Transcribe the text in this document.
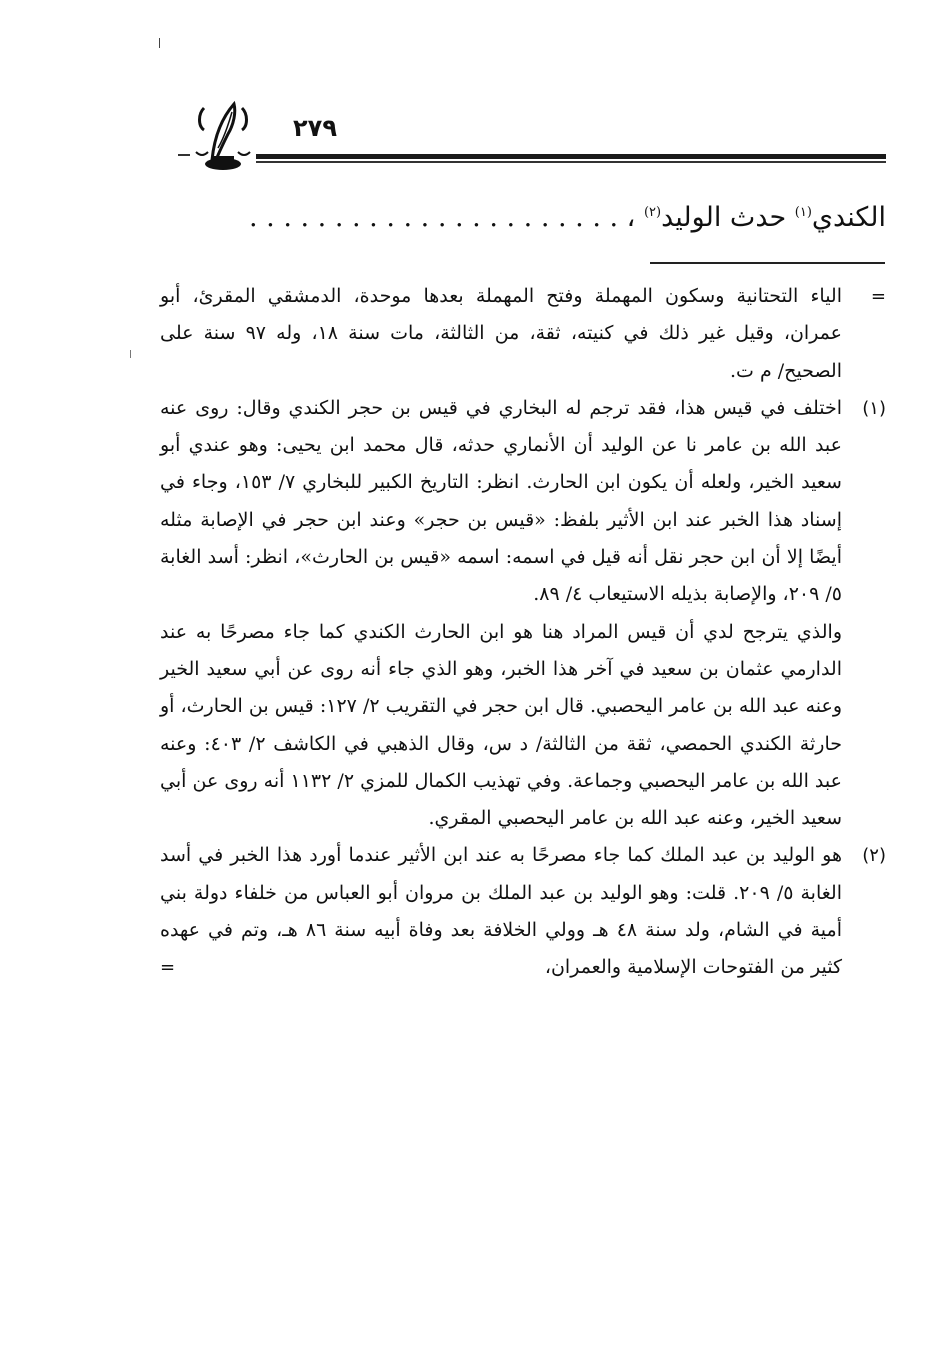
٢٧٩
الكندي$^{(١)}$ حدث الوليد$^{(٢)}$ ، . . . . . . . . . . . . . . . . . . . . . .

=
الياء التحتانية وسكون المهملة وفتح المهملة بعدها موحدة، الدمشقي المقرئ، أبو عمران، وقيل غير ذلك في كنيته، ثقة، من الثالثة، مات سنة ١٨، وله ٩٧ سنة على الصحيح/ م ت.

(١)
اختلف في قيس هذا، فقد ترجم له البخاري في قيس بن حجر الكندي وقال: روى عنه عبد الله بن عامر نا عن الوليد أن الأنماري حدثه، قال محمد ابن يحيى: وهو عندي أبو سعيد الخير، ولعله أن يكون ابن الحارث. انظر: التاريخ الكبير للبخاري ٧/ ١٥٣، وجاء في إسناد هذا الخبر عند ابن الأثير بلفظ: «قيس بن حجر» وعند ابن حجر في الإصابة مثله أيضًا إلا أن ابن حجر نقل أنه قيل في اسمه: اسمه «قيس بن الحارث»، انظر: أسد الغابة ٥/ ٢٠٩، والإصابة بذيله الاستيعاب ٤/ ٨٩.

والذي يترجح لدي أن قيس المراد هنا هو ابن الحارث الكندي كما جاء مصرحًا به عند الدارمي عثمان بن سعيد في آخر هذا الخبر، وهو الذي جاء أنه روى عن أبي سعيد الخير وعنه عبد الله بن عامر اليحصبي. قال ابن حجر في التقريب ٢/ ١٢٧: قيس بن الحارث، أو حارثة الكندي الحمصي، ثقة من الثالثة/ د س، وقال الذهبي في الكاشف ٢/ ٤٠٣: وعنه عبد الله بن عامر اليحصبي وجماعة. وفي تهذيب الكمال للمزي ٢/ ١١٣٢ أنه روى عن أبي سعيد الخير، وعنه عبد الله بن عامر اليحصبي المقري.

(٢)
هو الوليد بن عبد الملك كما جاء مصرحًا به عند ابن الأثير عندما أورد هذا الخبر في أسد الغابة ٥/ ٢٠٩. قلت: وهو الوليد بن عبد الملك بن مروان أبو العباس من خلفاء دولة بني أمية في الشام، ولد سنة ٤٨ هـ وولي الخلافة بعد وفاة أبيه سنة ٨٦ هـ، وتم في عهده كثير من الفتوحات الإسلامية والعمران،

=
